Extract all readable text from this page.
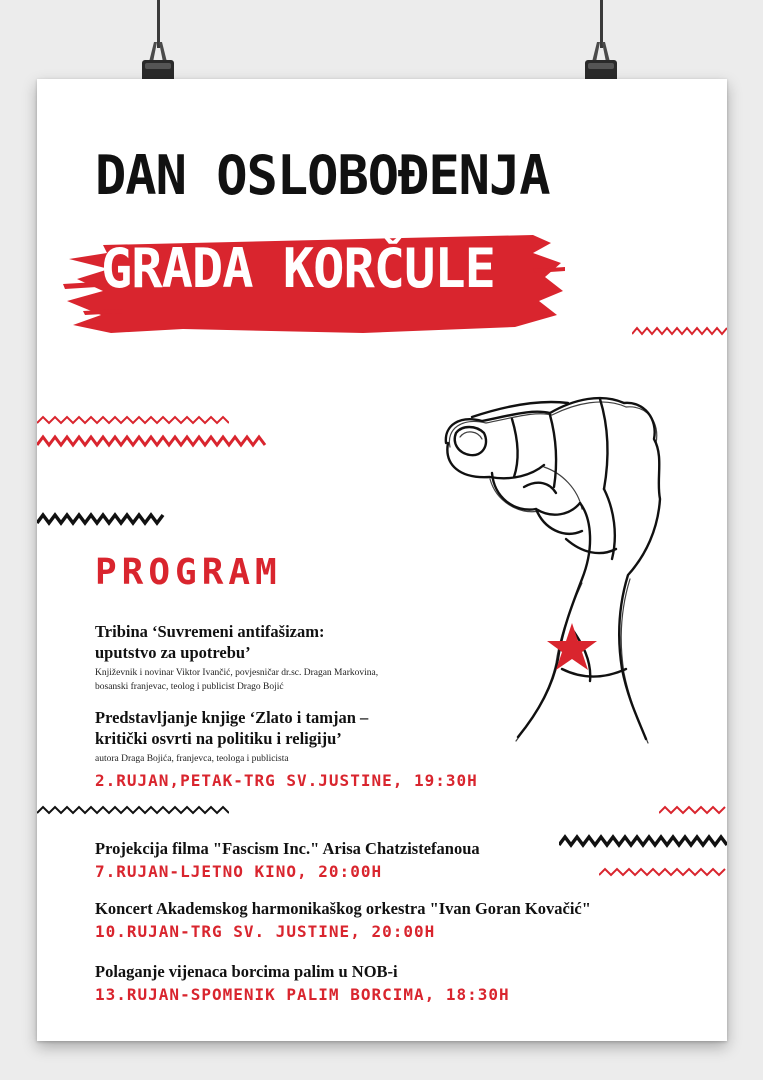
DAN OSLOBOĐENJA
GRADA KORČULE
PROGRAM

Tribina ‘Suvremeni antifašizam:
uputstvo za upotrebu’

Književnik i novinar Viktor Ivančić, povjesničar dr.sc. Dragan Markovina,
bosanski franjevac, teolog i publicist Drago Bojić

Predstavljanje knjige ‘Zlato i tamjan –
kritički osvrti na politiku i religiju’

autora Draga Bojića, franjevca, teologa i publicista

2.RUJAN,PETAK-TRG SV.JUSTINE, 19:30H

Projekcija filma "Fascism Inc." Arisa Chatzistefanoua

7.RUJAN-LJETNO KINO, 20:00H

Koncert Akademskog harmonikaškog orkestra "Ivan Goran Kovačić"

10.RUJAN-TRG SV. JUSTINE, 20:00H

Polaganje vijenaca borcima palim u NOB-i

13.RUJAN-SPOMENIK PALIM BORCIMA, 18:30H
